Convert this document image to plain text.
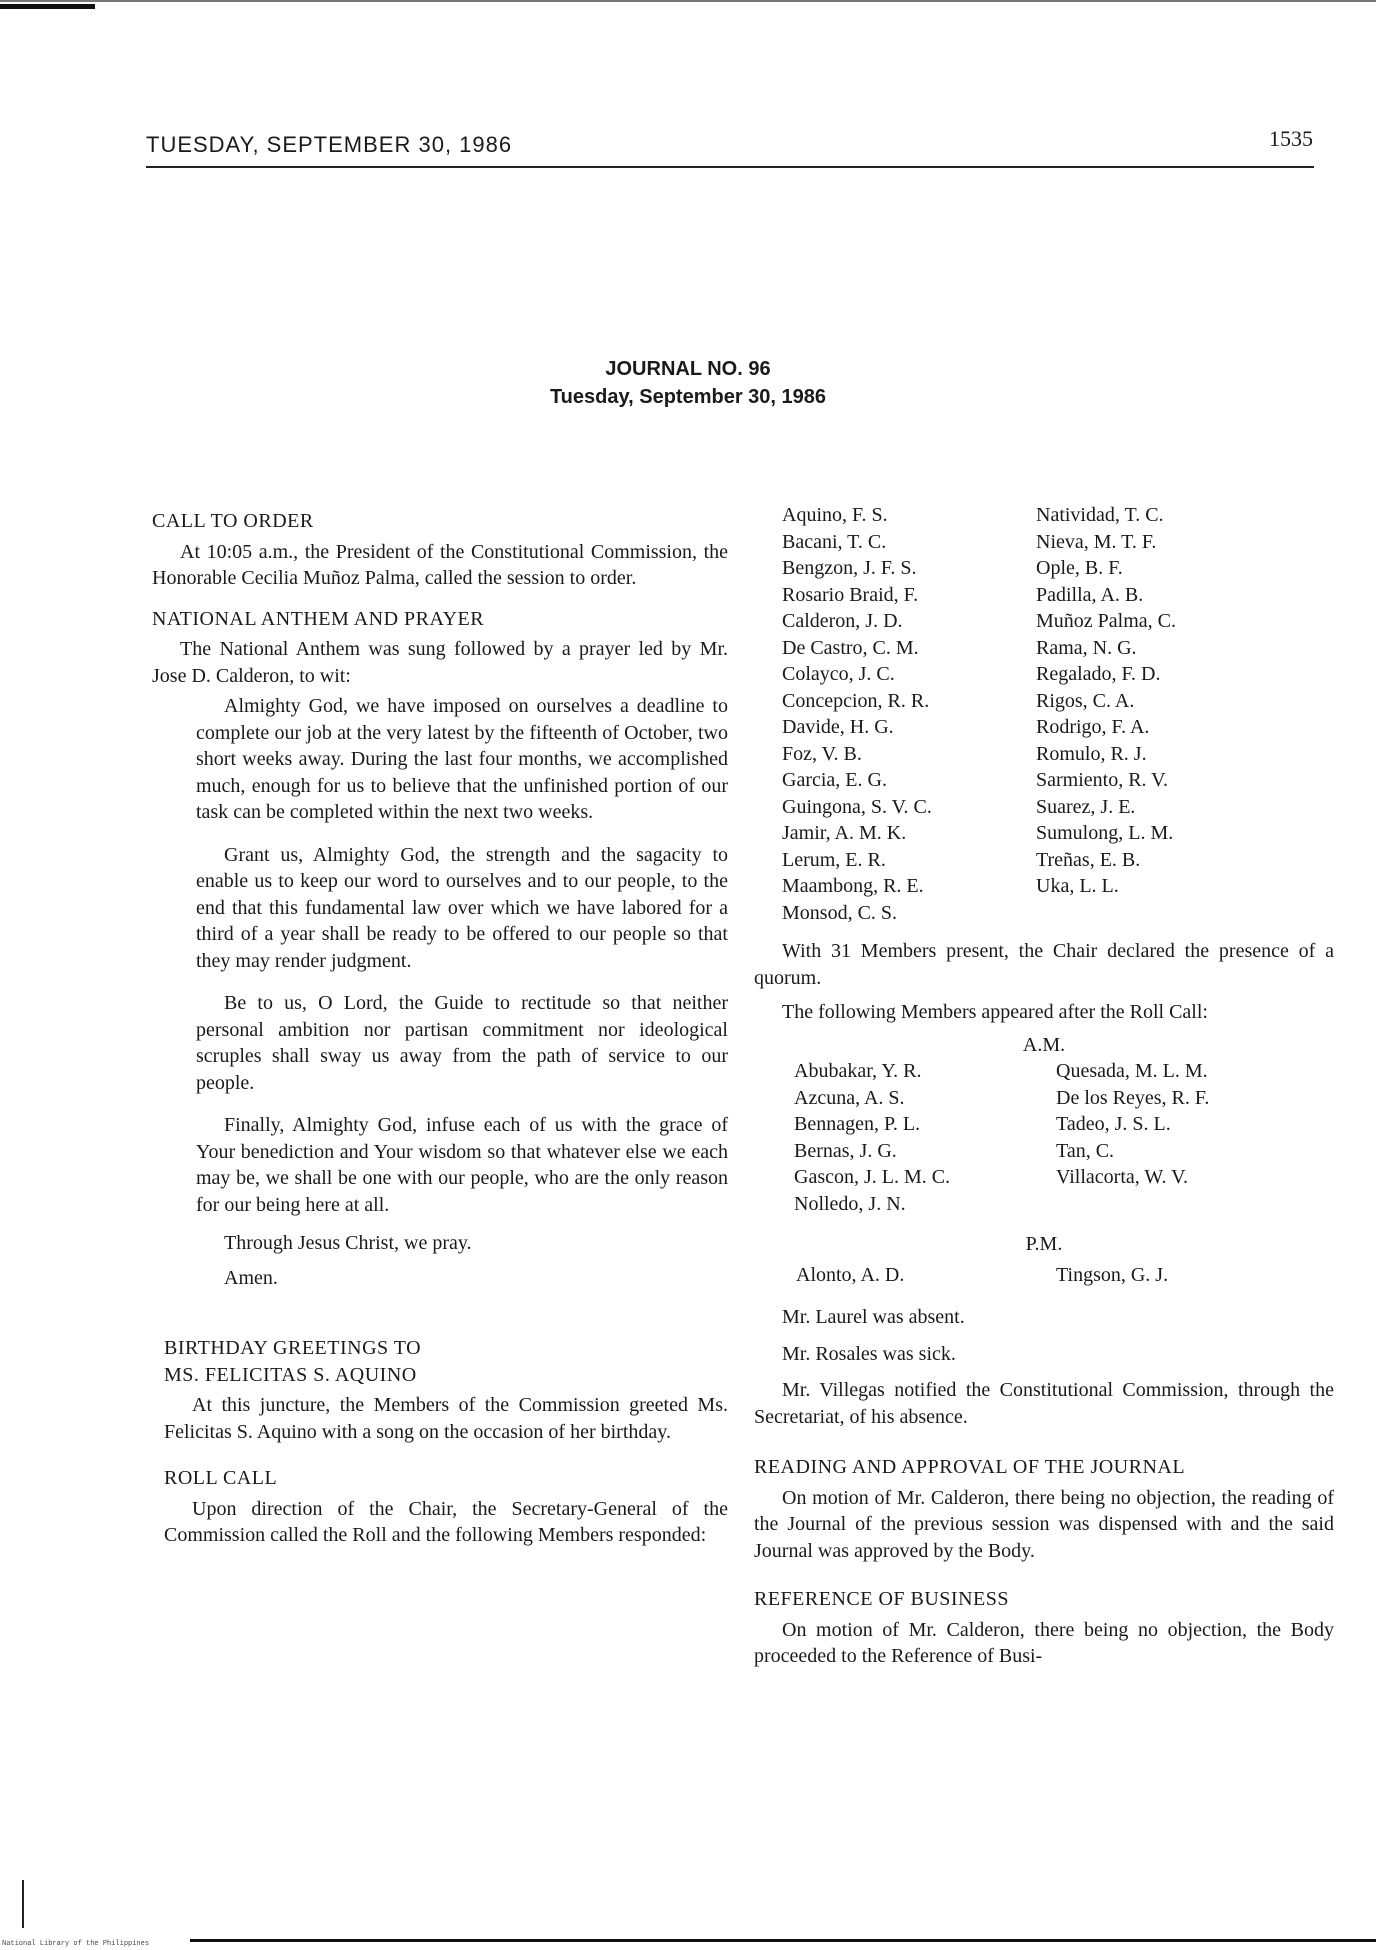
TUESDAY, SEPTEMBER 30, 1986	1535
JOURNAL NO. 96
Tuesday, September 30, 1986
CALL TO ORDER

At 10:05 a.m., the President of the Constitutional Commission, the Honorable Cecilia Muñoz Palma, called the session to order.

NATIONAL ANTHEM AND PRAYER

The National Anthem was sung followed by a prayer led by Mr. Jose D. Calderon, to wit:

Almighty God, we have imposed on ourselves a deadline to complete our job at the very latest by the fifteenth of October, two short weeks away. During the last four months, we accomplished much, enough for us to believe that the unfinished portion of our task can be completed within the next two weeks.

Grant us, Almighty God, the strength and the sagacity to enable us to keep our word to ourselves and to our people, to the end that this fundamental law over which we have labored for a third of a year shall be ready to be offered to our people so that they may render judgment.

Be to us, O Lord, the Guide to rectitude so that neither personal ambition nor partisan commitment nor ideological scruples shall sway us away from the path of service to our people.

Finally, Almighty God, infuse each of us with the grace of Your benediction and Your wisdom so that whatever else we each may be, we shall be one with our people, who are the only reason for our being here at all.

Through Jesus Christ, we pray.
Amen.
BIRTHDAY GREETINGS TO
MS. FELICITAS S. AQUINO

At this juncture, the Members of the Commission greeted Ms. Felicitas S. Aquino with a song on the occasion of her birthday.

ROLL CALL

Upon direction of the Chair, the Secretary-General of the Commission called the Roll and the following Members responded:

Aquino, F. S.
Bacani, T. C.
Bengzon, J. F. S.
Rosario Braid, F.
Calderon, J. D.
De Castro, C. M.
Colayco, J. C.
Concepcion, R. R.
Davide, H. G.
Foz, V. B.
Garcia, E. G.
Guingona, S. V. C.
Jamir, A. M. K.
Lerum, E. R.
Maambong, R. E.
Monsod, C. S.
Natividad, T. C.
Nieva, M. T. F.
Ople, B. F.
Padilla, A. B.
Muñoz Palma, C.
Rama, N. G.
Regalado, F. D.
Rigos, C. A.
Rodrigo, F. A.
Romulo, R. J.
Sarmiento, R. V.
Suarez, J. E.
Sumulong, L. M.
Treñas, E. B.
Uka, L. L.

With 31 Members present, the Chair declared the presence of a quorum.

The following Members appeared after the Roll Call:

A.M.
Abubakar, Y. R.
Azcuna, A. S.
Bennagen, P. L.
Bernas, J. G.
Gascon, J. L. M. C.
Nolledo, J. N.
Quesada, M. L. M.
De los Reyes, R. F.
Tadeo, J. S. L.
Tan, C.
Villacorta, W. V.
P.M.
Alonto, A. D.	Tingson, G. J.

Mr. Laurel was absent.

Mr. Rosales was sick.

Mr. Villegas notified the Constitutional Commission, through the Secretariat, of his absence.

READING AND APPROVAL OF THE JOURNAL

On motion of Mr. Calderon, there being no objection, the reading of the Journal of the previous session was dispensed with and the said Journal was approved by the Body.

REFERENCE OF BUSINESS

On motion of Mr. Calderon, there being no objection, the Body proceeded to the Reference of Busi-

National Library of the Philippines
